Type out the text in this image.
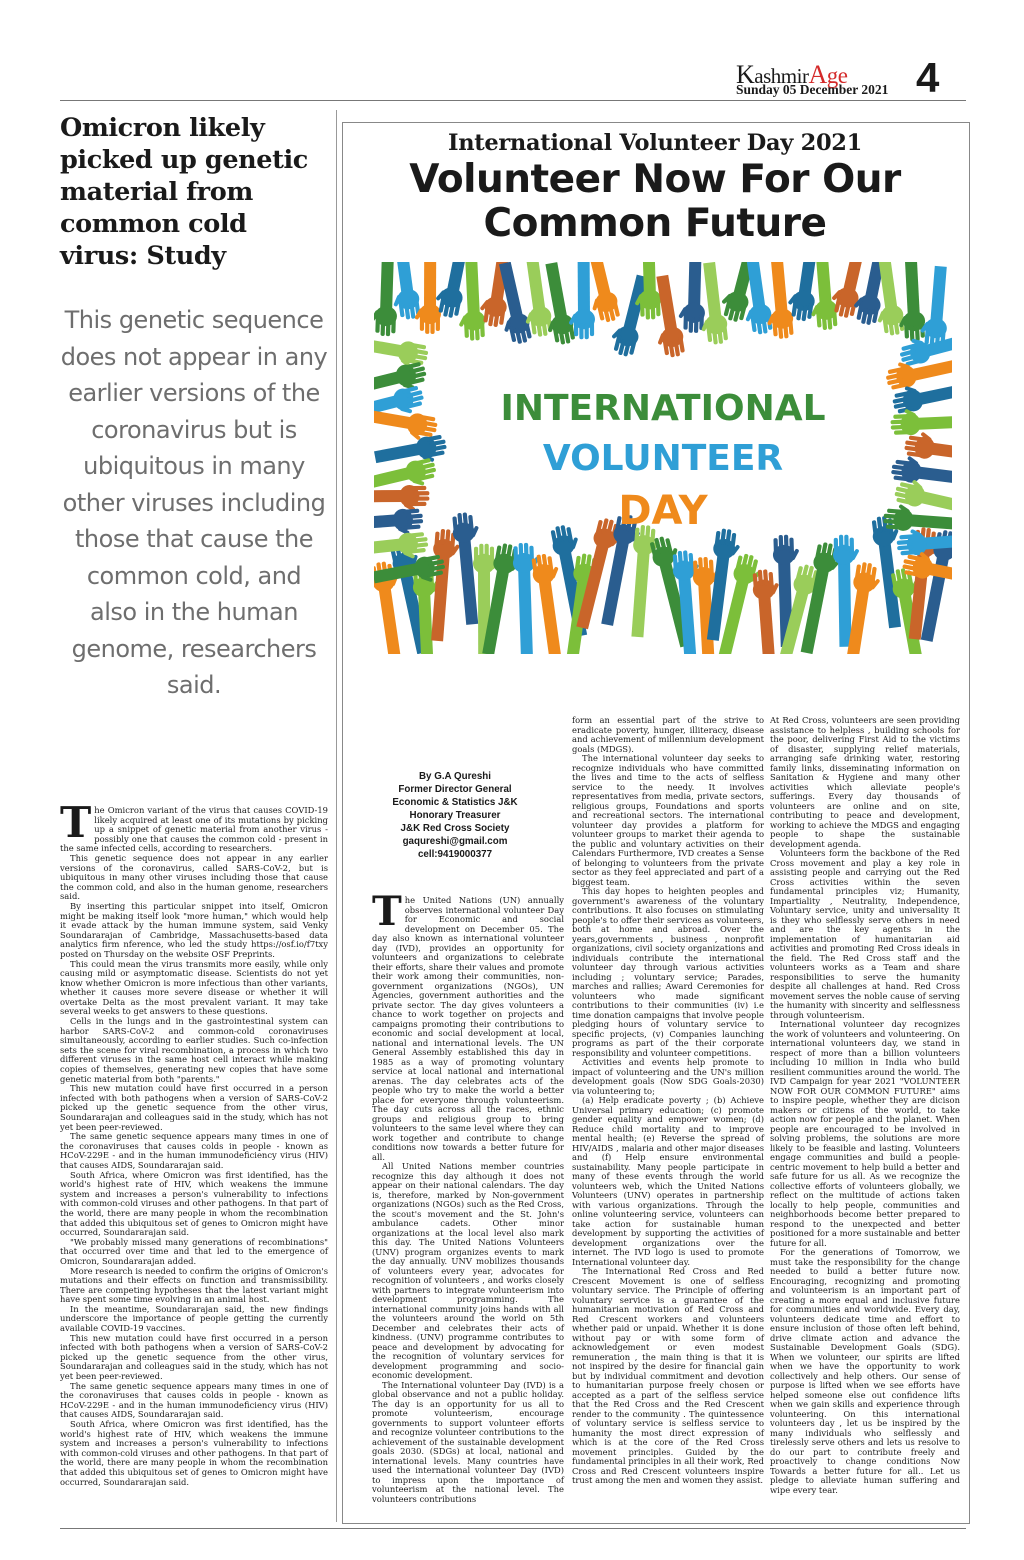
KashmirAge
Sunday 05 December 2021 4
Omicron likely picked up genetic material from common cold virus: Study
This genetic sequence does not appear in any earlier versions of the coronavirus but is ubiquitous in many other viruses including those that cause the common cold, and also in the human genome, researchers said.

The Omicron variant of the virus that causes COVID-19 likely acquired at least one of its mutations by picking up a snippet of genetic material from another virus - possibly one that causes the common cold - present in the same infected cells, according to researchers.

This genetic sequence does not appear in any earlier versions of the coronavirus, called SARS-CoV-2, but is ubiquitous in many other viruses including those that cause the common cold, and also in the human genome, researchers said.

By inserting this particular snippet into itself, Omicron might be making itself look "more human," which would help it evade attack by the human immune system, said Venky Soundararajan of Cambridge, Massachusetts-based data analytics firm nference, who led the study https://osf.io/f7txy posted on Thursday on the website OSF Preprints.

This could mean the virus transmits more easily, while only causing mild or asymptomatic disease. Scientists do not yet know whether Omicron is more infectious than other variants, whether it causes more severe disease or whether it will overtake Delta as the most prevalent variant. It may take several weeks to get answers to these questions.

Cells in the lungs and in the gastrointestinal system can harbor SARS-CoV-2 and common-cold coronaviruses simultaneously, according to earlier studies. Such co-infection sets the scene for viral recombination, a process in which two different viruses in the same host cell interact while making copies of themselves, generating new copies that have some genetic material from both "parents."

This new mutation could have first occurred in a person infected with both pathogens when a version of SARS-CoV-2 picked up the genetic sequence from the other virus, Soundararajan and colleagues said in the study, which has not yet been peer-reviewed.

The same genetic sequence appears many times in one of the coronaviruses that causes colds in people - known as HCoV-229E - and in the human immunodeficiency virus (HIV) that causes AIDS, Soundararajan said.

South Africa, where Omicron was first identified, has the world's highest rate of HIV, which weakens the immune system and increases a person's vulnerability to infections with common-cold viruses and other pathogens. In that part of the world, there are many people in whom the recombination that added this ubiquitous set of genes to Omicron might have occurred, Soundararajan said.

"We probably missed many generations of recombinations" that occurred over time and that led to the emergence of Omicron, Soundararajan added.

More research is needed to confirm the origins of Omicron's mutations and their effects on function and transmissibility. There are competing hypotheses that the latest variant might have spent some time evolving in an animal host.

In the meantime, Soundararajan said, the new findings underscore the importance of people getting the currently available COVID-19 vaccines.

This new mutation could have first occurred in a person infected with both pathogens when a version of SARS-CoV-2 picked up the genetic sequence from the other virus, Soundararajan and colleagues said in the study, which has not yet been peer-reviewed.

The same genetic sequence appears many times in one of the coronaviruses that causes colds in people - known as HCoV-229E - and in the human immunodeficiency virus (HIV) that causes AIDS, Soundararajan said.

South Africa, where Omicron was first identified, has the world's highest rate of HIV, which weakens the immune system and increases a person's vulnerability to infections with common-cold viruses and other pathogens. In that part of the world, there are many people in whom the recombination that added this ubiquitous set of genes to Omicron might have occurred, Soundararajan said.

International Volunteer Day 2021
Volunteer Now For Our
Common Future
INTERNATIONAL
VOLUNTEER
DAY
By G.A Qureshi
Former Director General
Economic & Statistics J&K
Honorary Treasurer
J&K Red Cross Society
gaqureshi@gmail.com
cell:9419000377

The United Nations (UN) annually observes international volunteer Day for Economic and social development on December 05. The day also known as international volunteer day (IVD), provides an opportunity for volunteers and organizations to celebrate their efforts, share their values and promote their work among their communities, non-government organizations (NGOs), UN Agencies, government authorities and the private sector. The day gives volunteers a chance to work together on projects and campaigns promoting their contributions to economic and social development at local, national and international levels. The UN General Assembly established this day in 1985 as a way of promoting voluntary service at local national and international arenas. The day celebrates acts of the people who try to make the world a better place for everyone through volunteerism. The day cuts across all the races, ethnic groups and religious group to bring volunteers to the same level where they can work together and contribute to change conditions now towards a better future for all.

All United Nations member countries recognize this day although it does not appear on their national calendars. The day is, therefore, marked by Non-government organizations (NGOs) such as the Red Cross, the scout's movement and the St. John's ambulance cadets. Other minor organizations at the local level also mark this day. The United Nations Volunteers (UNV) program organizes events to mark the day annually. UNV mobilizes thousands of volunteers every year, advocates for recognition of volunteers , and works closely with partners to integrate volunteerism into development programming. The international community joins hands with all the volunteers around the world on 5th December and celebrates their acts of kindness. (UNV) programme contributes to peace and development by advocating for the recognition of voluntary services for development programming and socio-economic development.

The International volunteer Day (IVD) is a global observance and not a public holiday. The day is an opportunity for us all to promote volunteerism, encourage governments to support volunteer efforts and recognize volunteer contributions to the achievement of the sustainable development goals 2030. (SDGs) at local, national and international levels. Many countries have used the international volunteer Day (IVD) to impress upon the importance of volunteerism at the national level. The volunteers contributions

form an essential part of the strive to eradicate poverty, hunger, illiteracy, disease and achievement of millennium development goals (MDGS).

The international volunteer day seeks to recognize individuals who have committed the lives and time to the acts of selfless service to the needy. It involves representatives from media, private sectors, religious groups, Foundations and sports and recreational sectors. The international volunteer day provides a platform for volunteer groups to market their agenda to the public and voluntary activities on their Calendars Furthermore, IVD creates a Sense of belonging to volunteers from the private sector as they feel appreciated and part of a biggest team.

This day hopes to heighten peoples and government's awareness of the voluntary contributions. It also focuses on stimulating people's to offer their services as volunteers, both at home and abroad. Over the years,governments , business , nonprofit organizations, civil society organizations and individuals contribute the international volunteer day through various activities including ; voluntary service; Parades, marches and rallies; Award Ceremonies for volunteers who made significant contributions to their communities (iv) i.e time donation campaigns that involve people pledging hours of voluntary service to specific projects, (v) Companies launching programs as part of the their corporate responsibility and volunteer competitions.

Activities and events help promote to impact of volunteering and the UN's million development goals (Now SDG Goals-2030) via volunteering to;

(a) Help eradicate poverty ; (b) Achieve Universal primary education; (c) promote gender equality and empower women; (d) Reduce child mortality and to improve mental health; (e) Reverse the spread of HIV/AIDS , malaria and other major diseases and (f) Help ensure environmental sustainability. Many people participate in many of these events through the world volunteers web, which the United Nations Volunteers (UNV) operates in partnership with various organizations. Through the online volunteering service, volunteers can take action for sustainable human development by supporting the activities of development organizations over the internet. The IVD logo is used to promote International volunteer day.

The International Red Cross and Red Crescent Movement is one of selfless voluntary service. The Principle of offering voluntary service is a guarantee of the humanitarian motivation of Red Cross and Red Crescent workers and volunteers whether paid or unpaid. Whether it is done without pay or with some form of acknowledgement or even modest remuneration , the main thing is that it is not inspired by the desire for financial gain but by individual commitment and devotion to humanitarian purpose freely chosen or accepted as a part of the selfless service that the Red Cross and the Red Crescent render to the community . The quintessence of voluntary service is selfless service to humanity the most direct expression of which is at the core of the Red Cross movement principles. Guided by the fundamental principles in all their work, Red Cross and Red Crescent volunteers inspire trust among the men and women they assist.

At Red Cross, volunteers are seen providing assistance to helpless , building schools for the poor, delivering First Aid to the victims of disaster, supplying relief materials, arranging safe drinking water, restoring family links, disseminating information on Sanitation & Hygiene and many other activities which alleviate people's sufferings. Every day thousands of volunteers are online and on site, contributing to peace and development, working to achieve the MDGS and engaging people to shape the sustainable development agenda.

Volunteers form the backbone of the Red Cross movement and play a key role in assisting people and carrying out the Red Cross activities within the seven fundamental principles viz; Humanity, Impartiality , Neutrality, Independence, Voluntary service, unity and universality It is they who selflessly serve others in need and are the key agents in the implementation of humanitarian aid activities and promoting Red Cross ideals in the field. The Red Cross staff and the volunteers works as a Team and share responsibilities to serve the humanity despite all challenges at hand. Red Cross movement serves the noble cause of serving the humanity with sincerity and selflessness through volunteerism.

International volunteer day recognizes the work of volunteers and volunteering. On international volunteers day, we stand in respect of more than a billion volunteers including 10 million in India who build resilient communities around the world. The IVD Campaign for year 2021 "VOLUNTEER NOW FOR OUR COMMON FUTURE" aims to inspire people, whether they are dicison makers or citizens of the world, to take action now for people and the planet. When people are encouraged to be involved in solving problems, the solutions are more likely to be feasible and lasting. Volunteers engage communities and build a people-centric movement to help build a better and safe future for us all. As we recognize the collective efforts of volunteers globally, we reflect on the multitude of actions taken locally to help people, communities and neighborhoods become better prepared to respond to the unexpected and better positioned for a more sustainable and better future for all.

For the generations of Tomorrow, we must take the responsibility for the change needed to build a better future now. Encouraging, recognizing and promoting and volunteerism is an important part of creating a more equal and inclusive future for communities and worldwide. Every day, volunteers dedicate time and effort to ensure inclusion of those often left behind, drive climate action and advance the Sustainable Development Goals (SDG). When we volunteer, our spirits are lifted when we have the opportunity to work collectively and help others. Our sense of purpose is lifted when we see efforts have helped someone else out confidence lifts when we gain skills and experience through volunteering. On this international volunteers day , let us be inspired by the many individuals who selflessly and tirelessly serve others and lets us resolve to do our part to contribute freely and proactively to change conditions Now Towards a better future for all.. Let us pledge to alleviate human suffering and wipe every tear.
